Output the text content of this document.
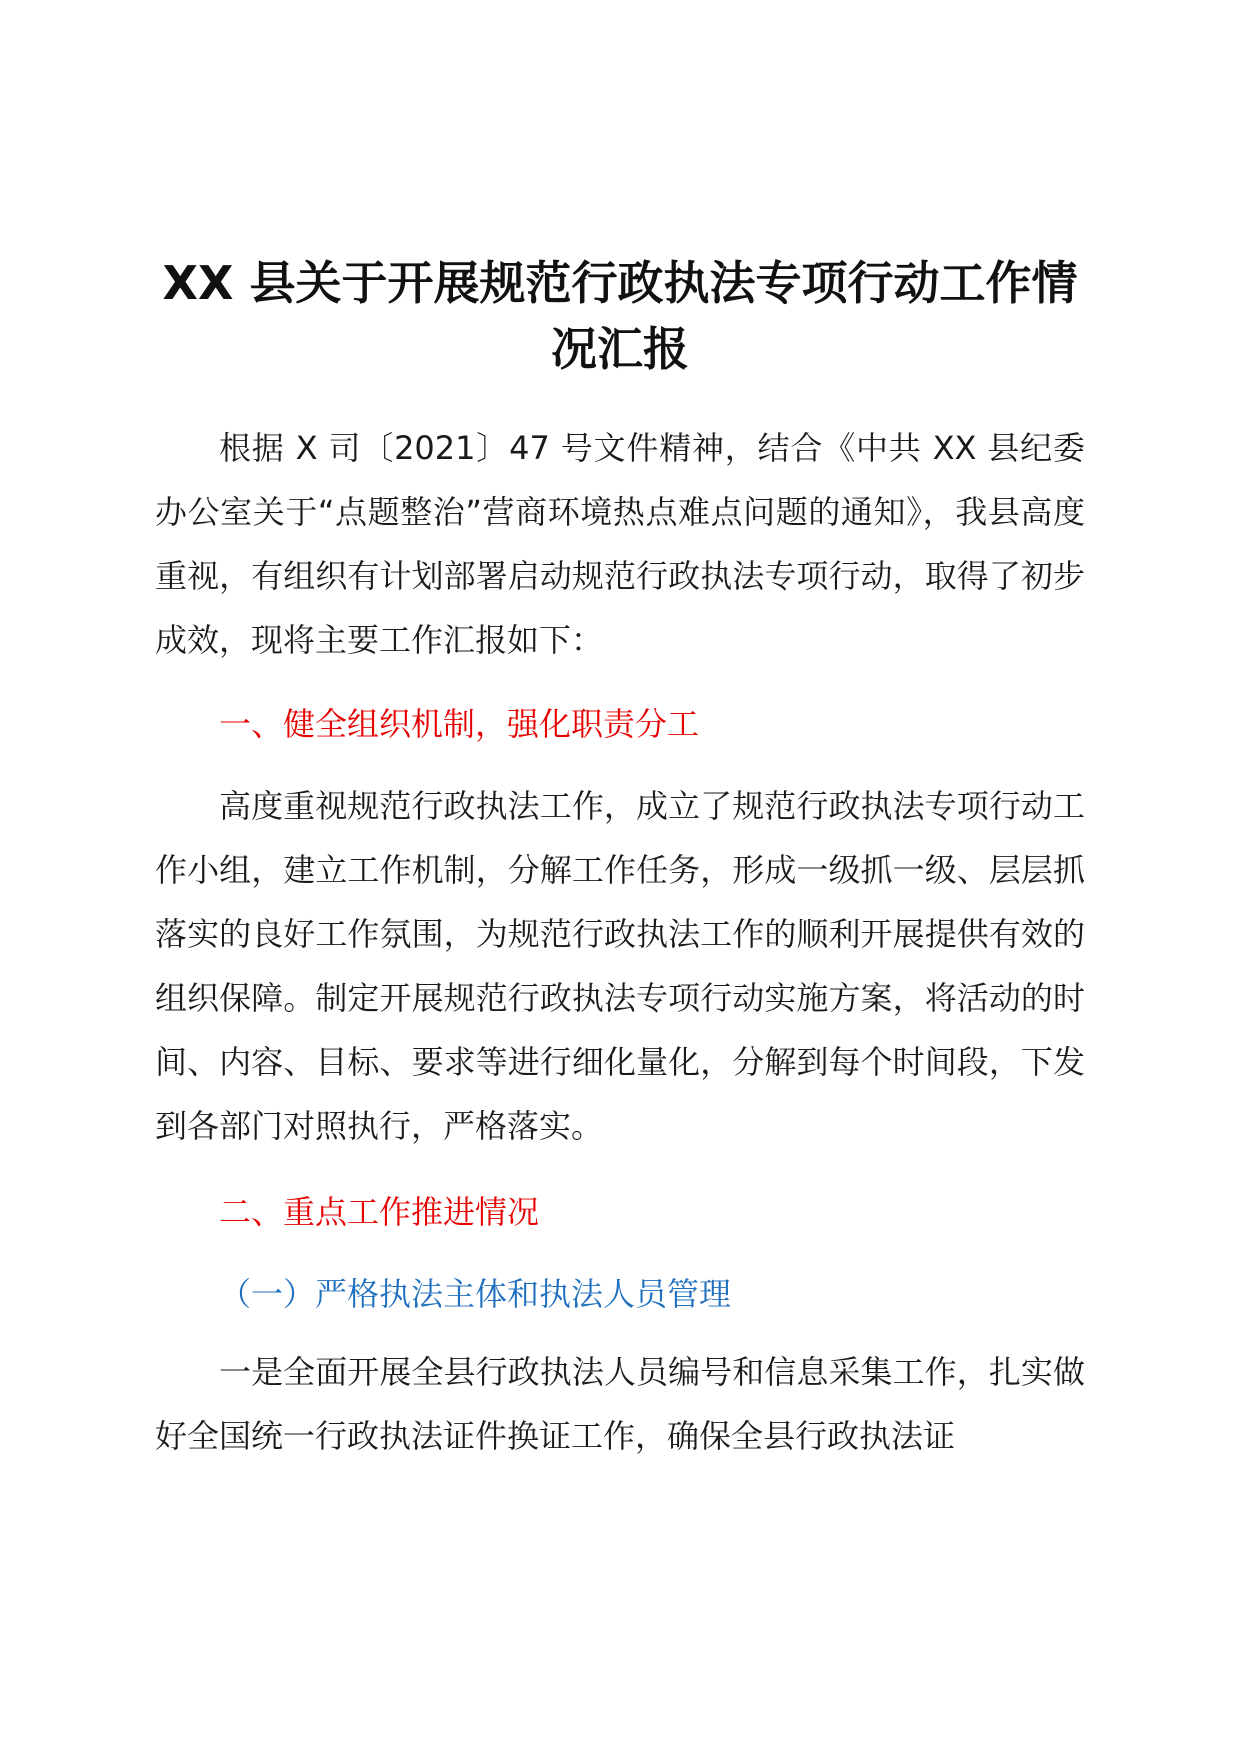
XX 县关于开展规范行政执法专项行动工作情况汇报

根据 X 司〔2021〕47 号文件精神，结合《中共 XX 县纪委办公室关于“点题整治”营商环境热点难点问题的通知》，我县高度重视，有组织有计划部署启动规范行政执法专项行动，取得了初步成效，现将主要工作汇报如下：

一、健全组织机制，强化职责分工

高度重视规范行政执法工作，成立了规范行政执法专项行动工作小组，建立工作机制，分解工作任务，形成一级抓一级、层层抓落实的良好工作氛围，为规范行政执法工作的顺利开展提供有效的组织保障。制定开展规范行政执法专项行动实施方案，将活动的时间、内容、目标、要求等进行细化量化，分解到每个时间段，下发到各部门对照执行，严格落实。

二、重点工作推进情况

（一）严格执法主体和执法人员管理

一是全面开展全县行政执法人员编号和信息采集工作，扎实做好全国统一行政执法证件换证工作，确保全县行政执法证
